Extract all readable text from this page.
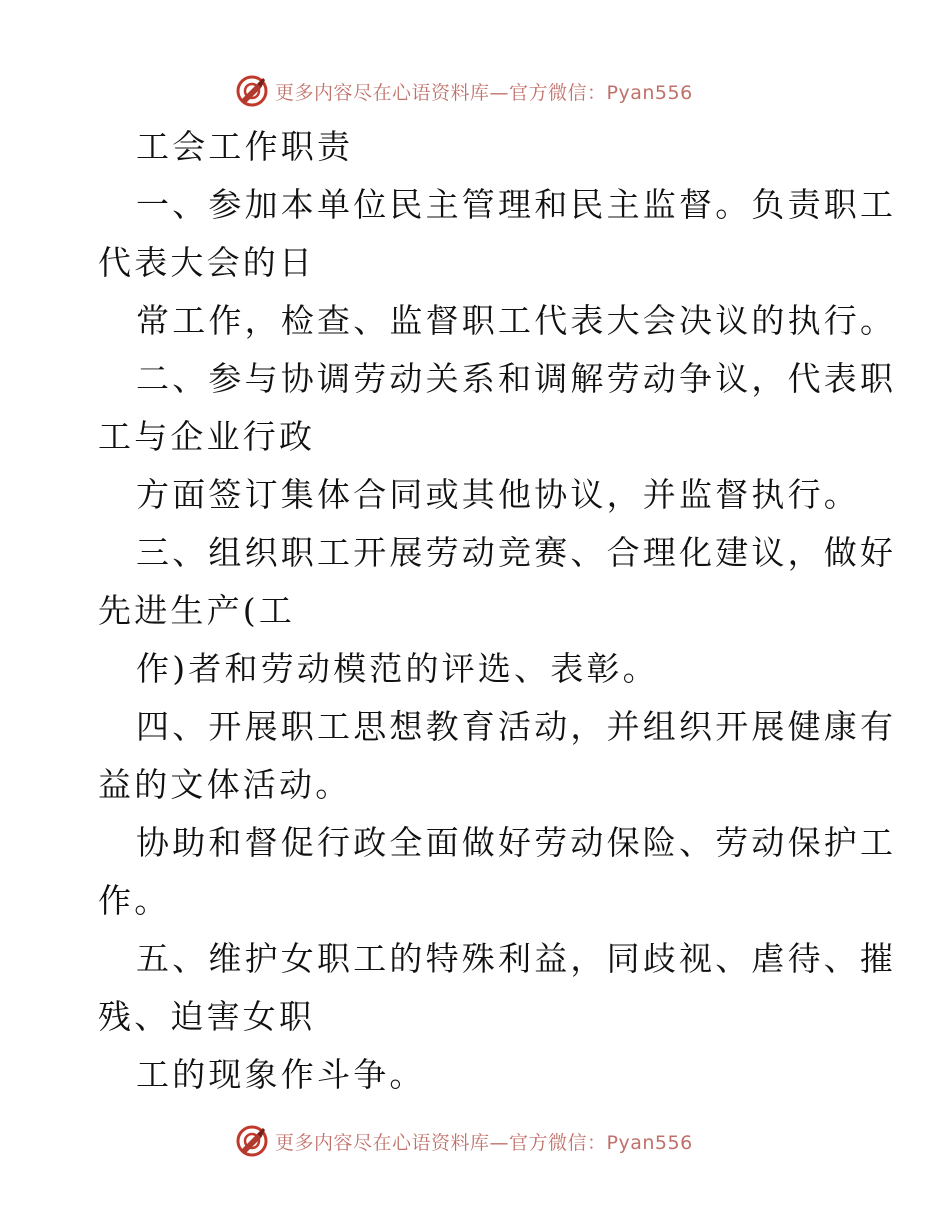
更多内容尽在心语资料库—官方微信：Pyan556

工会工作职责

一、参加本单位民主管理和民主监督。负责职工

代表大会的日

常工作，检查、监督职工代表大会决议的执行。

二、参与协调劳动关系和调解劳动争议，代表职

工与企业行政

方面签订集体合同或其他协议，并监督执行。

三、组织职工开展劳动竞赛、合理化建议，做好

先进生产(工

作)者和劳动模范的评选、表彰。

四、开展职工思想教育活动，并组织开展健康有

益的文体活动。

协助和督促行政全面做好劳动保险、劳动保护工

作。

五、维护女职工的特殊利益，同歧视、虐待、摧

残、迫害女职

工的现象作斗争。

更多内容尽在心语资料库—官方微信：Pyan556
